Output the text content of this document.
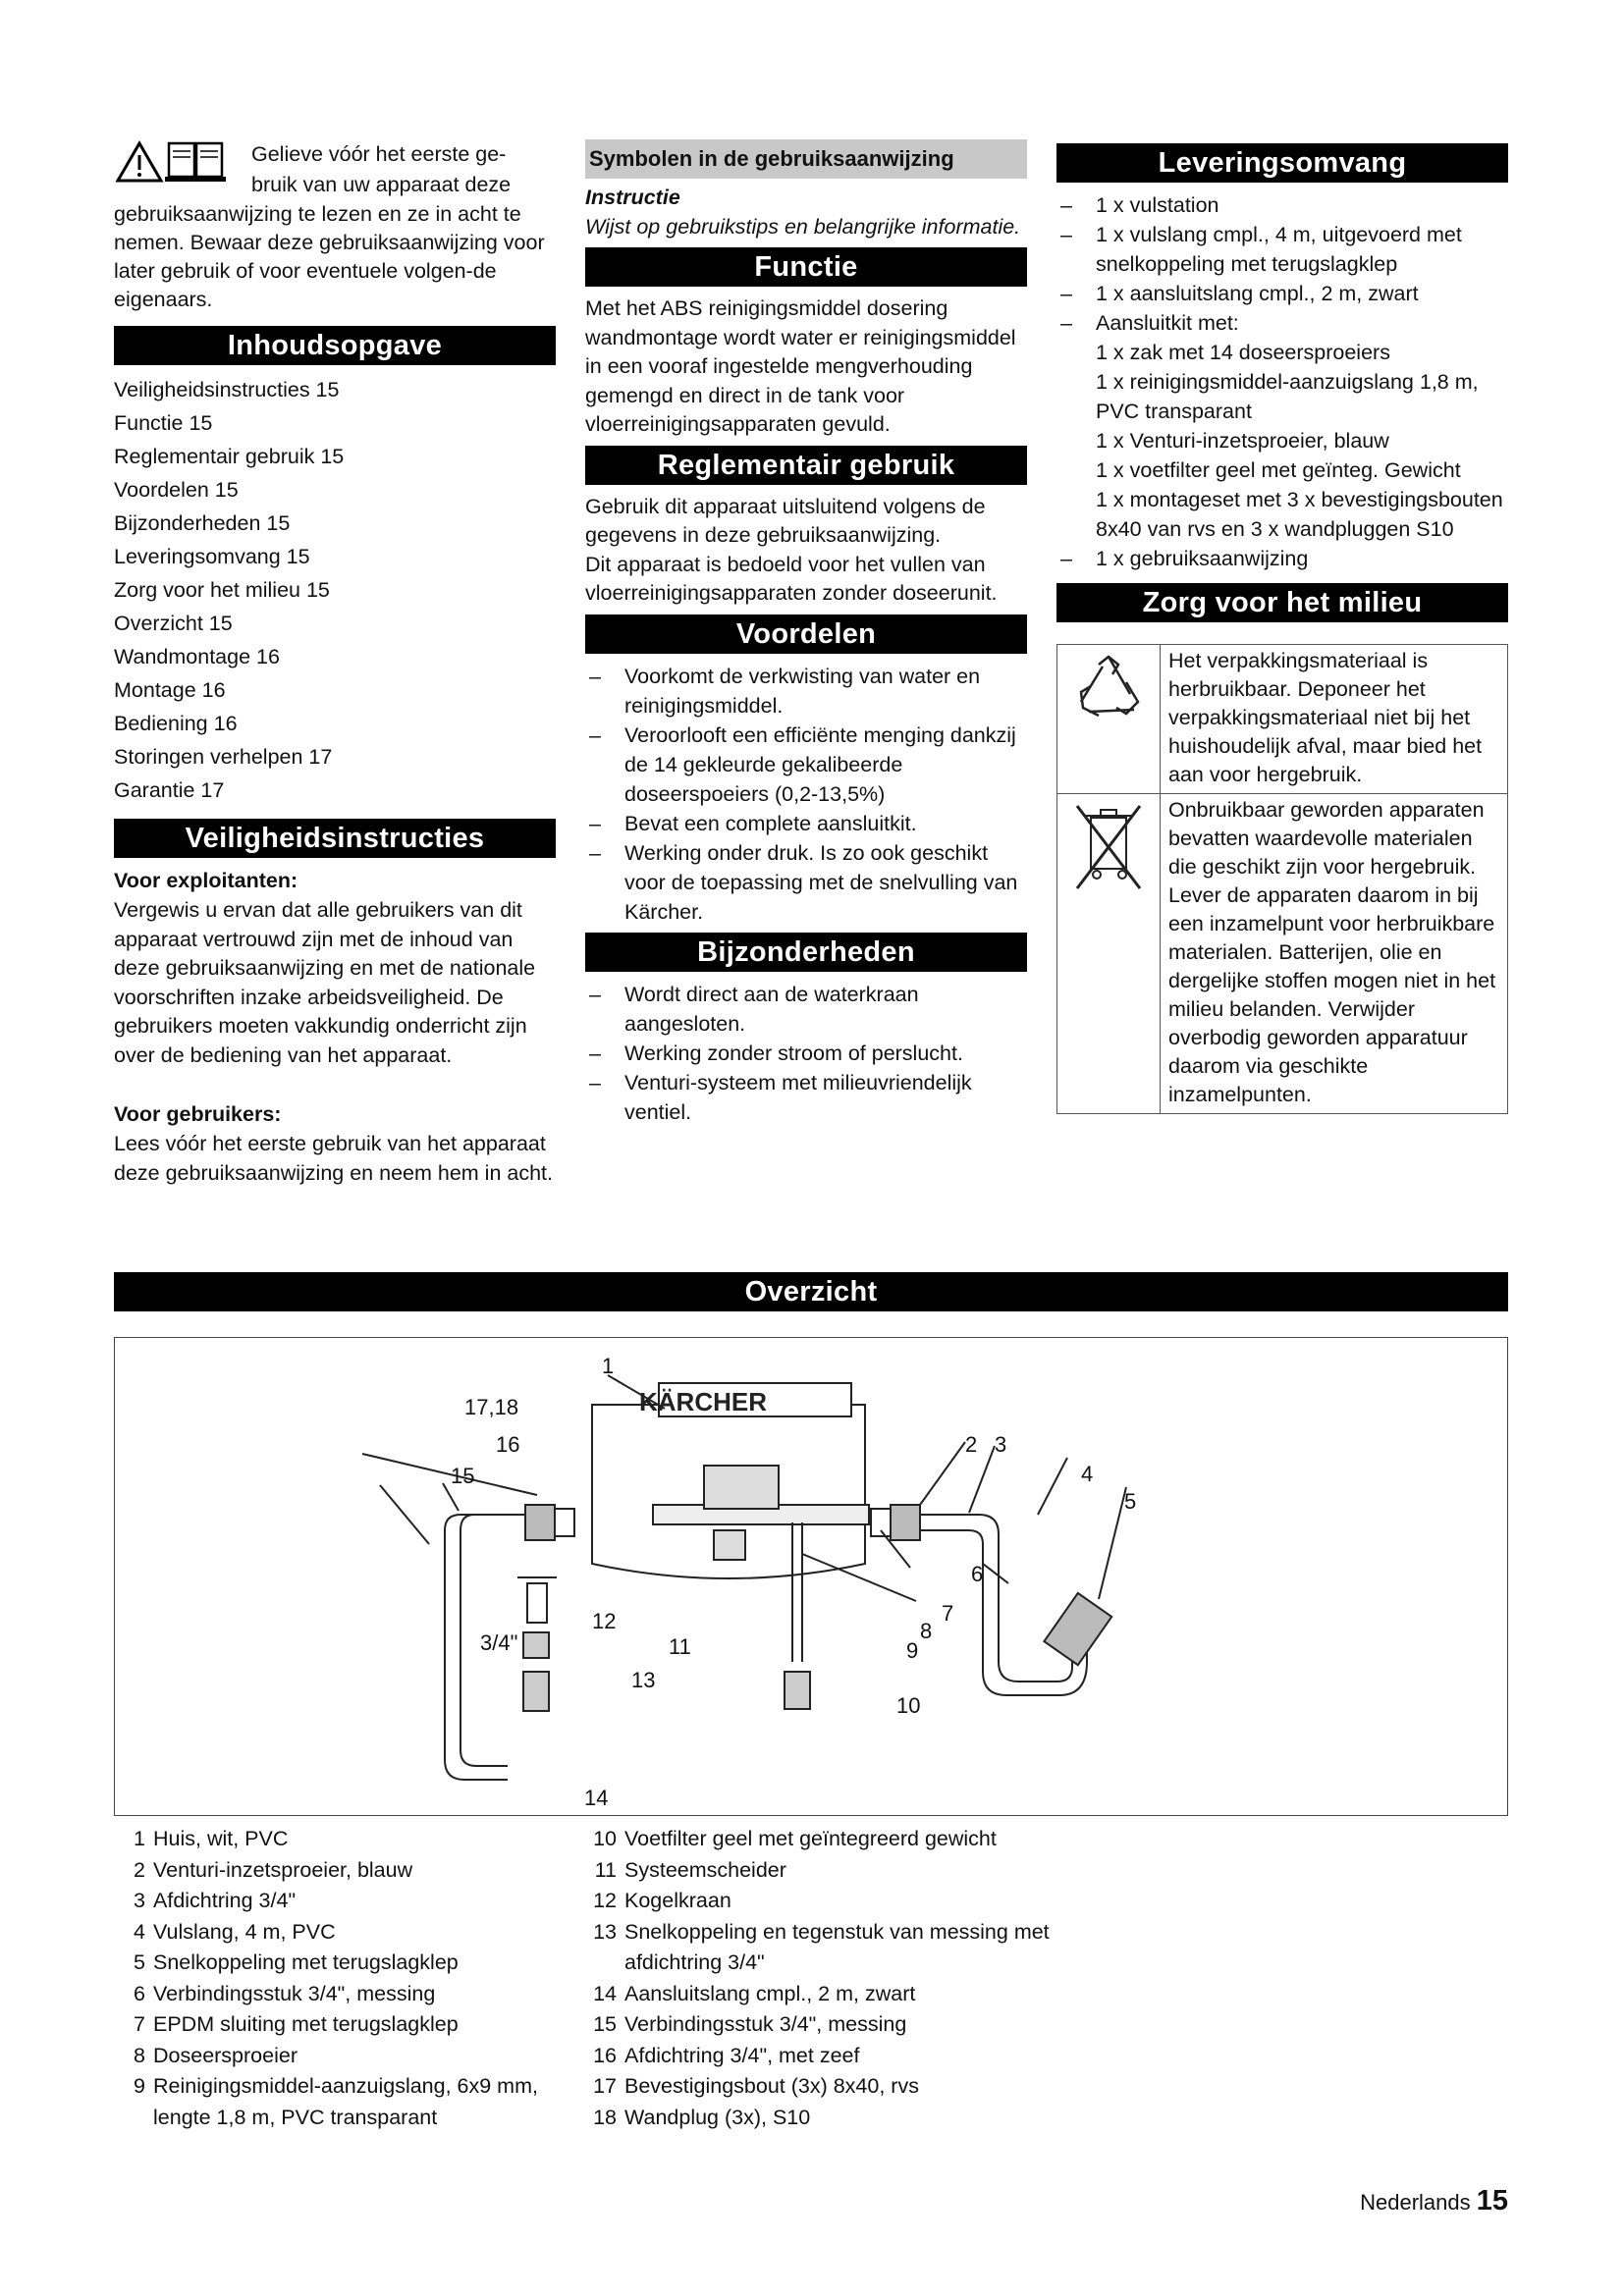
Gelieve vóór het eerste ge-

bruik van uw apparaat deze

gebruiksaanwijzing te lezen en ze in acht te nemen. Bewaar deze gebruiksaanwijzing voor later gebruik of voor eventuele volgen-de eigenaars.

Inhoudsopgave
Veiligheidsinstructies 15
Functie 15
Reglementair gebruik 15
Voordelen 15
Bijzonderheden 15
Leveringsomvang 15
Zorg voor het milieu 15
Overzicht 15
Wandmontage 16
Montage 16
Bediening 16
Storingen verhelpen 17
Garantie 17
Veiligheidsinstructies

Voor exploitanten:

Vergewis u ervan dat alle gebruikers van dit apparaat vertrouwd zijn met de inhoud van deze gebruiksaanwijzing en met de nationale voorschriften inzake arbeidsveiligheid. De gebruikers moeten vakkundig onderricht zijn over de bediening van het apparaat.

Voor gebruikers:

Lees vóór het eerste gebruik van het apparaat deze gebruiksaanwijzing en neem hem in acht.

Symbolen in de gebruiksaanwijzing

Instructie

Wijst op gebruikstips en belangrijke informatie.

Functie

Met het ABS reinigingsmiddel dosering wandmontage wordt water er reinigingsmiddel in een vooraf ingestelde mengverhouding gemengd en direct in de tank voor vloerreinigingsapparaten gevuld.

Reglementair gebruik

Gebruik dit apparaat uitsluitend volgens de gegevens in deze gebruiksaanwijzing.

Dit apparaat is bedoeld voor het vullen van vloerreinigingsapparaten zonder doseerunit.

Voordelen
– Voorkomt de verkwisting van water en reinigingsmiddel.
– Veroorlooft een efficiënte menging dankzij de 14 gekleurde gekalibeerde doseerspoeiers (0,2-13,5%)
– Bevat een complete aansluitkit.
– Werking onder druk. Is zo ook geschikt voor de toepassing met de snelvulling van Kärcher.
Bijzonderheden
– Wordt direct aan de waterkraan aangesloten.
– Werking zonder stroom of perslucht.
– Venturi-systeem met milieuvriendelijk ventiel.
Leveringsomvang
– 1 x vulstation
– 1 x vulslang cmpl., 4 m, uitgevoerd met snelkoppeling met terugslagklep
– 1 x aansluitslang cmpl., 2 m, zwart
– Aansluitkit met:
1 x zak met 14 doseersproeiers
1 x reinigingsmiddel-aanzuigslang 1,8 m, PVC transparant
1 x Venturi-inzetsproeier, blauw
1 x voetfilter geel met geïnteg. Gewicht
1 x montageset met 3 x bevestigingsbouten 8x40 van rvs en 3 x wandpluggen S10
– 1 x gebruiksaanwijzing
Zorg voor het milieu
Het verpakkingsmateriaal is herbruikbaar. Deponeer het verpakkingsmateriaal niet bij het huishoudelijk afval, maar bied het aan voor hergebruik.
Onbruikbaar geworden apparaten bevatten waardevolle materialen die geschikt zijn voor hergebruik. Lever de apparaten daarom in bij een inzamelpunt voor herbruikbare materialen. Batterijen, olie en dergelijke stoffen mogen niet in het milieu belanden. Verwijder overbodig geworden apparatuur daarom via geschikte inzamelpunten.
Overzicht
KÄRCHER
1
2 3
4
5
6
7
8
9
10
11
12
13
14
15
16
17,18
3/4"
1 Huis, wit, PVC
2 Venturi-inzetsproeier, blauw
3 Afdichtring 3/4"
4 Vulslang, 4 m, PVC
5 Snelkoppeling met terugslagklep
6 Verbindingsstuk 3/4", messing
7 EPDM sluiting met terugslagklep
8 Doseersproeier
9 Reinigingsmiddel-aanzuigslang, 6x9 mm, lengte 1,8 m, PVC transparant
10 Voetfilter geel met geïntegreerd gewicht
11 Systeemscheider
12 Kogelkraan
13 Snelkoppeling en tegenstuk van messing met afdichtring 3/4"
14 Aansluitslang cmpl., 2 m, zwart
15 Verbindingsstuk 3/4", messing
16 Afdichtring 3/4", met zeef
17 Bevestigingsbout (3x) 8x40, rvs
18 Wandplug (3x), S10
Nederlands 15
